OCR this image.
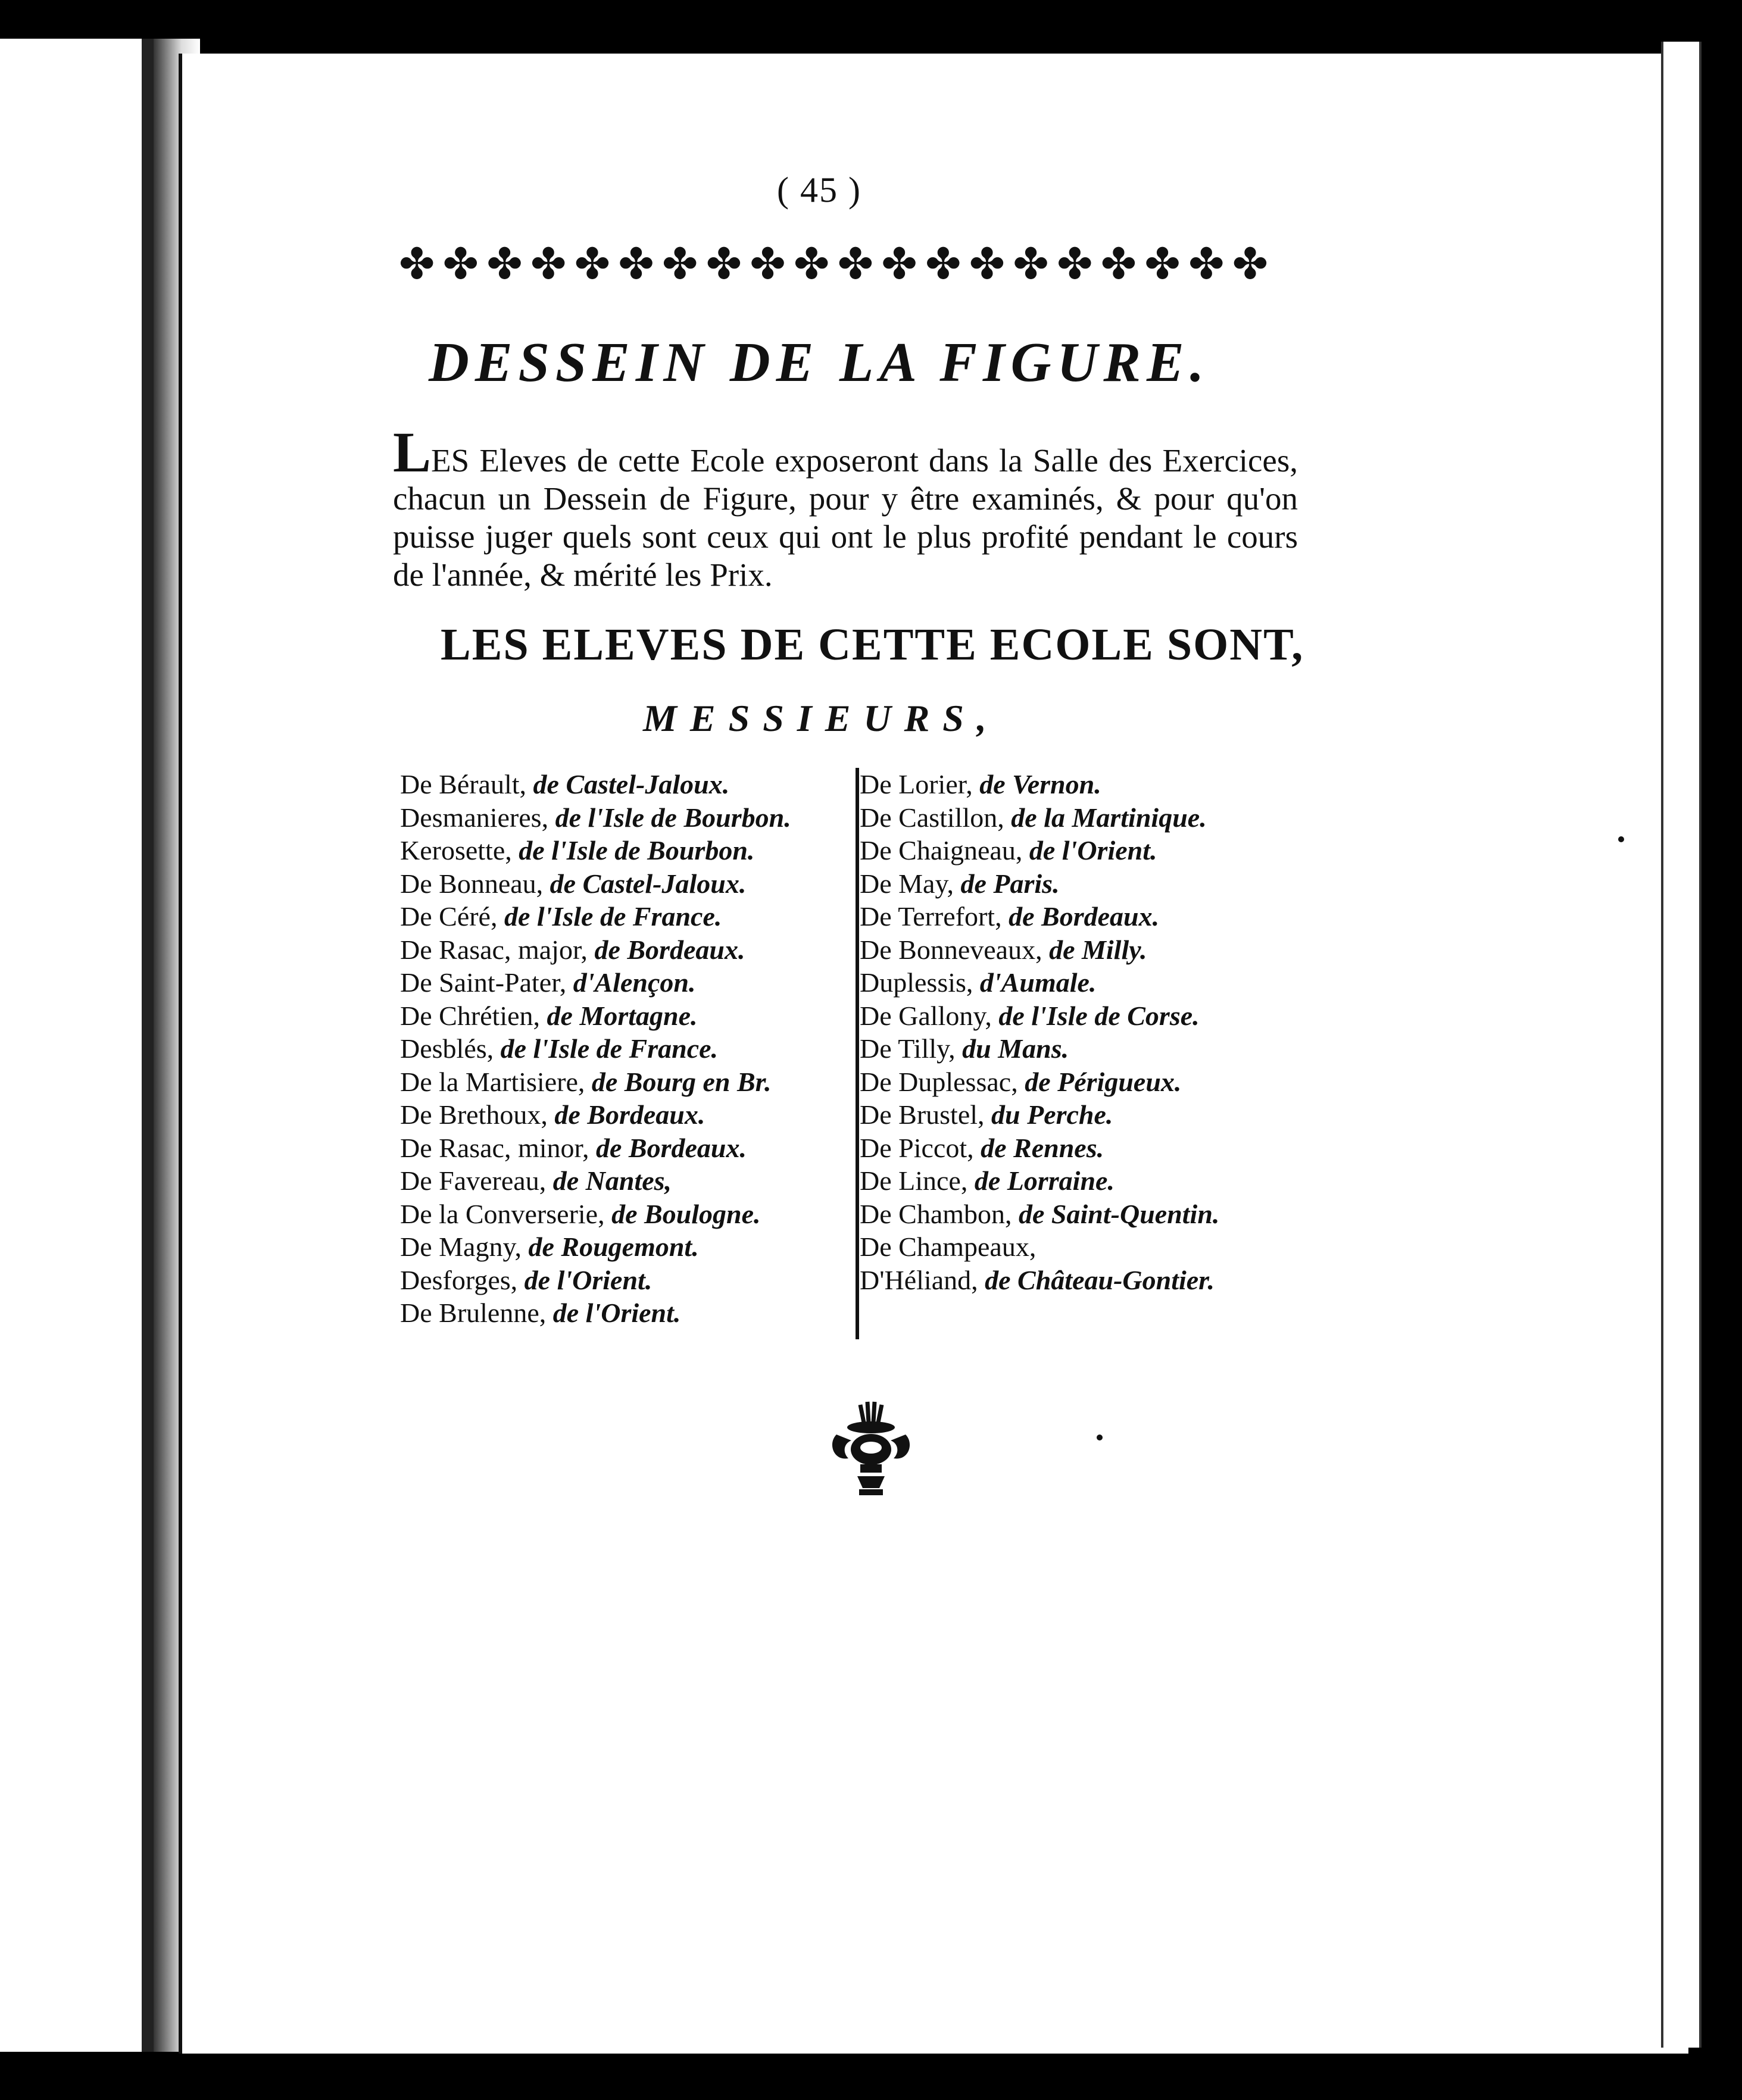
( 45 )
✤
✤
✤
✤
✤
✤
✤
✤
✤
✤
✤
✤
✤
✤
✤
✤
✤
✤
✤
✤
DESSEIN DE LA FIGURE.
LES Eleves de cette Ecole exposeront dans la Salle des Exercices, chacun un Dessein de Figure, pour y être examinés, & pour qu'on puisse juger quels sont ceux qui ont le plus profité pendant le cours de l'année, & mérité les Prix.
LES ELEVES DE CETTE ECOLE SONT,
MESSIEURS,
De Bérault, de Castel-Jaloux.
Desmanieres, de l'Isle de Bourbon.
Kerosette, de l'Isle de Bourbon.
De Bonneau, de Castel-Jaloux.
De Céré, de l'Isle de France.
De Rasac, major, de Bordeaux.
De Saint-Pater, d'Alençon.
De Chrétien, de Mortagne.
Desblés, de l'Isle de France.
De la Martisiere, de Bourg en Br.
De Brethoux, de Bordeaux.
De Rasac, minor, de Bordeaux.
De Favereau, de Nantes,
De la Converserie, de Boulogne.
De Magny, de Rougemont.
Desforges, de l'Orient.
De Brulenne, de l'Orient.
De Lorier, de Vernon.
De Castillon, de la Martinique.
De Chaigneau, de l'Orient.
De May, de Paris.
De Terrefort, de Bordeaux.
De Bonneveaux, de Milly.
Duplessis, d'Aumale.
De Gallony, de l'Isle de Corse.
De Tilly, du Mans.
De Duplessac, de Périgueux.
De Brustel, du Perche.
De Piccot, de Rennes.
De Lince, de Lorraine.
De Chambon, de Saint-Quentin.
De Champeaux,
D'Héliand, de Château-Gontier.
